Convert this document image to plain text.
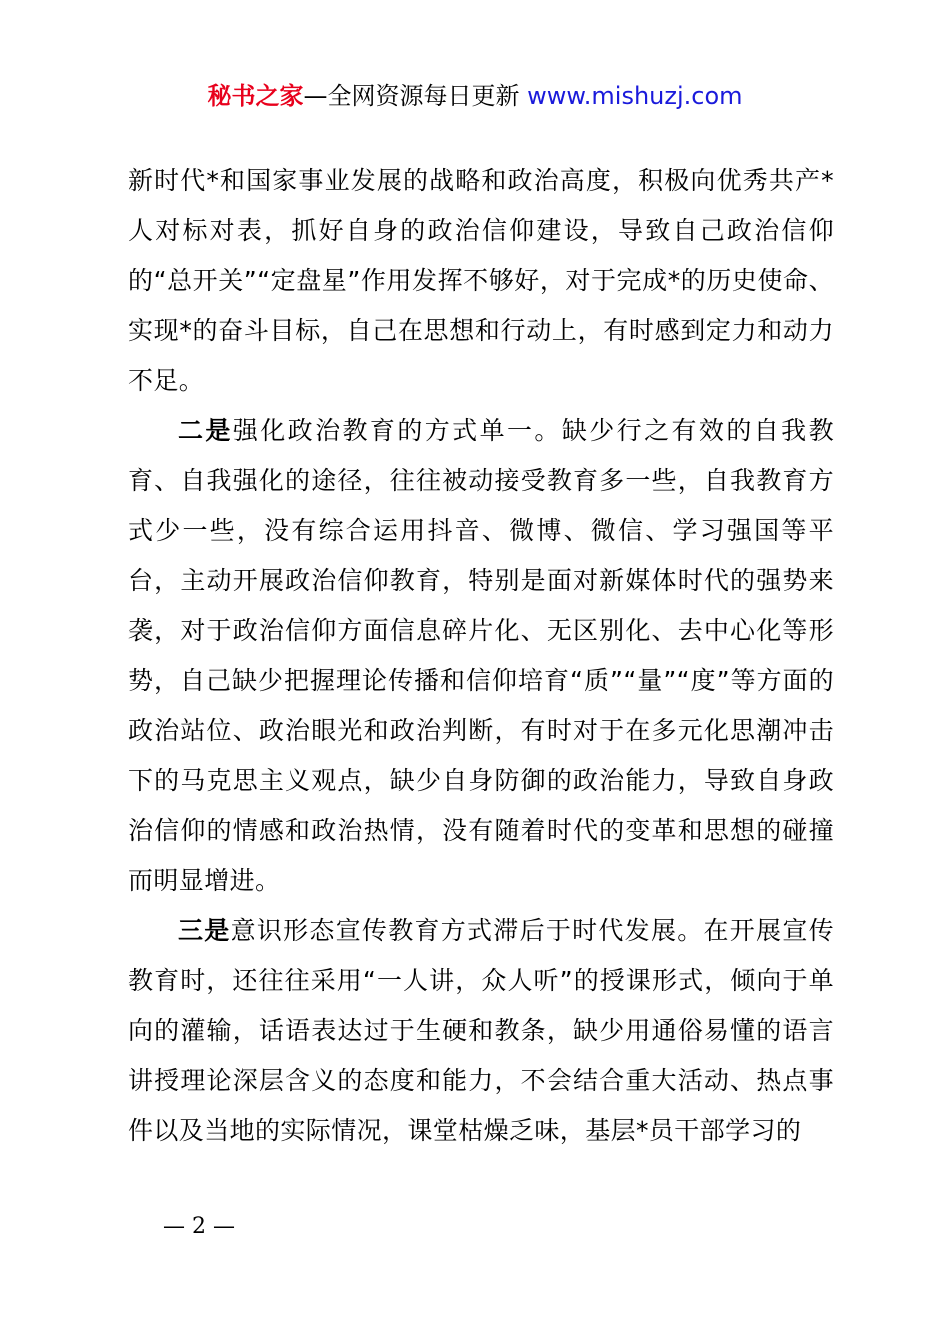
秘书之家—全网资源每日更新 www.mishuzj.com

新时代*和国家事业发展的战略和政治高度，积极向优秀共产*人对标对表，抓好自身的政治信仰建设，导致自己政治信仰的“总开关”“定盘星”作用发挥不够好，对于完成*的历史使命、实现*的奋斗目标，自己在思想和行动上，有时感到定力和动力不足。

二是强化政治教育的方式单一。缺少行之有效的自我教育、自我强化的途径，往往被动接受教育多一些，自我教育方式少一些，没有综合运用抖音、微博、微信、学习强国等平台，主动开展政治信仰教育，特别是面对新媒体时代的强势来袭，对于政治信仰方面信息碎片化、无区别化、去中心化等形势，自己缺少把握理论传播和信仰培育“质”“量”“度”等方面的政治站位、政治眼光和政治判断，有时对于在多元化思潮冲击下的马克思主义观点，缺少自身防御的政治能力，导致自身政治信仰的情感和政治热情，没有随着时代的变革和思想的碰撞而明显增进。

三是意识形态宣传教育方式滞后于时代发展。在开展宣传教育时，还往往采用“一人讲，众人听”的授课形式，倾向于单向的灌输，话语表达过于生硬和教条，缺少用通俗易懂的语言讲授理论深层含义的态度和能力，不会结合重大活动、热点事件以及当地的实际情况，课堂枯燥乏味，基层*员干部学习的

— 2 —
